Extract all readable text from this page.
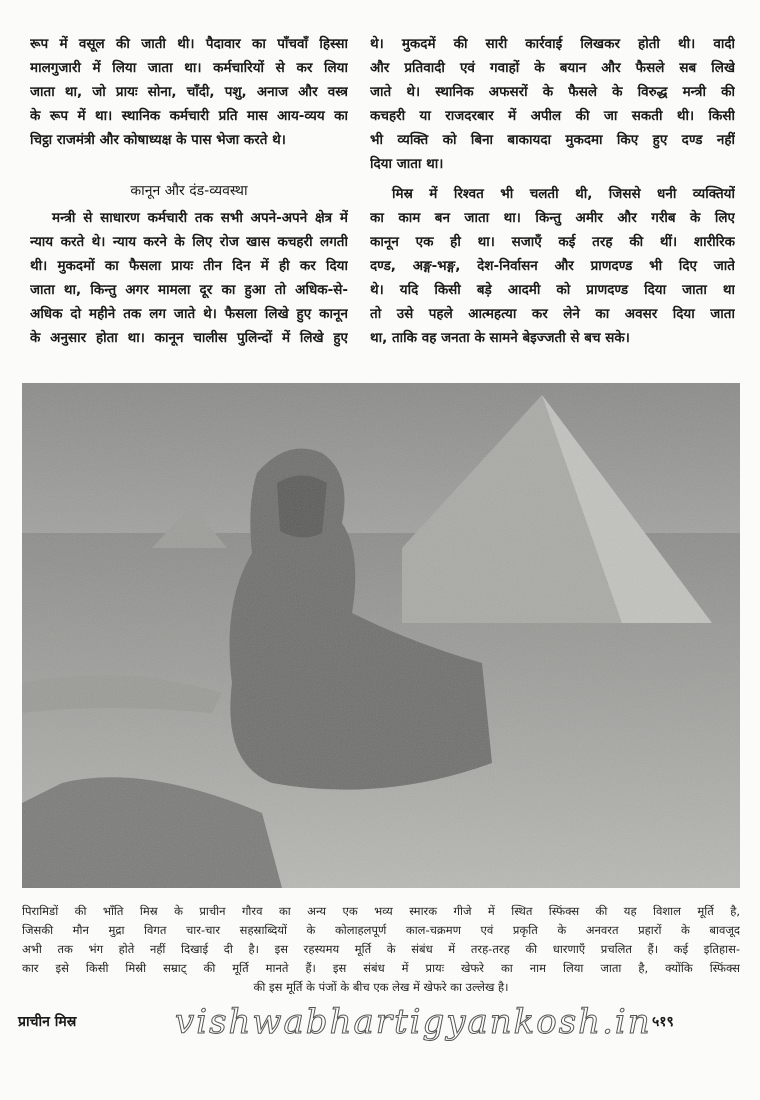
रूप में वसूल की जाती थी। पैदावार का पाँचवाँ हिस्सा
मालगुजारी में लिया जाता था। कर्मचारियों से कर लिया
जाता था, जो प्रायः सोना, चाँदी, पशु, अनाज और वस्त्र
के रूप में था। स्थानिक कर्मचारी प्रति मास आय-व्यय का
चिट्ठा राजमंत्री और कोषाध्यक्ष के पास भेजा करते थे।
कानून और दंड-व्यवस्था
मन्त्री से साधारण कर्मचारी तक सभी अपने-अपने क्षेत्र में
न्याय करते थे। न्याय करने के लिए रोज खास कचहरी लगती
थी। मुकदमों का फैसला प्रायः तीन दिन में ही कर दिया
जाता था, किन्तु अगर मामला दूर का हुआ तो अधिक-से-
अधिक दो महीने तक लग जाते थे। फैसला लिखे हुए कानून
के अनुसार होता था। कानून चालीस पुलिन्दों में लिखे हुए
थे। मुकदमें की सारी कार्रवाई लिखकर होती थी। वादी
और प्रतिवादी एवं गवाहों के बयान और फैसले सब लिखे
जाते थे। स्थानिक अफसरों के फैसले के विरुद्ध मन्त्री की
कचहरी या राजदरबार में अपील की जा सकती थी। किसी
भी व्यक्ति को बिना बाकायदा मुकदमा किए हुए दण्ड नहीं
दिया जाता था।
मिस्र में रिश्वत भी चलती थी, जिससे धनी व्यक्तियों
का काम बन जाता था। किन्तु अमीर और गरीब के लिए
कानून एक ही था। सजाएँ कई तरह की थीं। शारीरिक
दण्ड, अङ्ग-भङ्ग, देश-निर्वासन और प्राणदण्ड भी दिए जाते
थे। यदि किसी बड़े आदमी को प्राणदण्ड दिया जाता था
तो उसे पहले आत्महत्या कर लेने का अवसर दिया जाता
था, ताकि वह जनता के सामने बेइज्जती से बच सके।
पिरामिडों की भाँति मिस्र के प्राचीन गौरव का अन्य एक भव्य स्मारक गीजे में स्थित स्फिंक्स की यह विशाल मूर्ति है,
जिसकी मौन मुद्रा विगत चार-चार सहस्राब्दियों के कोलाहलपूर्ण काल-चक्रमण एवं प्रकृति के अनवरत प्रहारों के बावजूद
अभी तक भंग होते नहीं दिखाई दी है। इस रहस्यमय मूर्ति के संबंध में तरह-तरह की धारणाएँ प्रचलित हैं। कई इतिहास-
कार इसे किसी मिस्री सम्राट् की मूर्ति मानते हैं। इस संबंध में प्रायः खेफरे का नाम लिया जाता है, क्योंकि स्फिंक्स
की इस मूर्ति के पंजों के बीच एक लेख में खेफरे का उल्लेख है।
प्राचीन मिस्र	vishwabhartigyankosh.in ५१९
